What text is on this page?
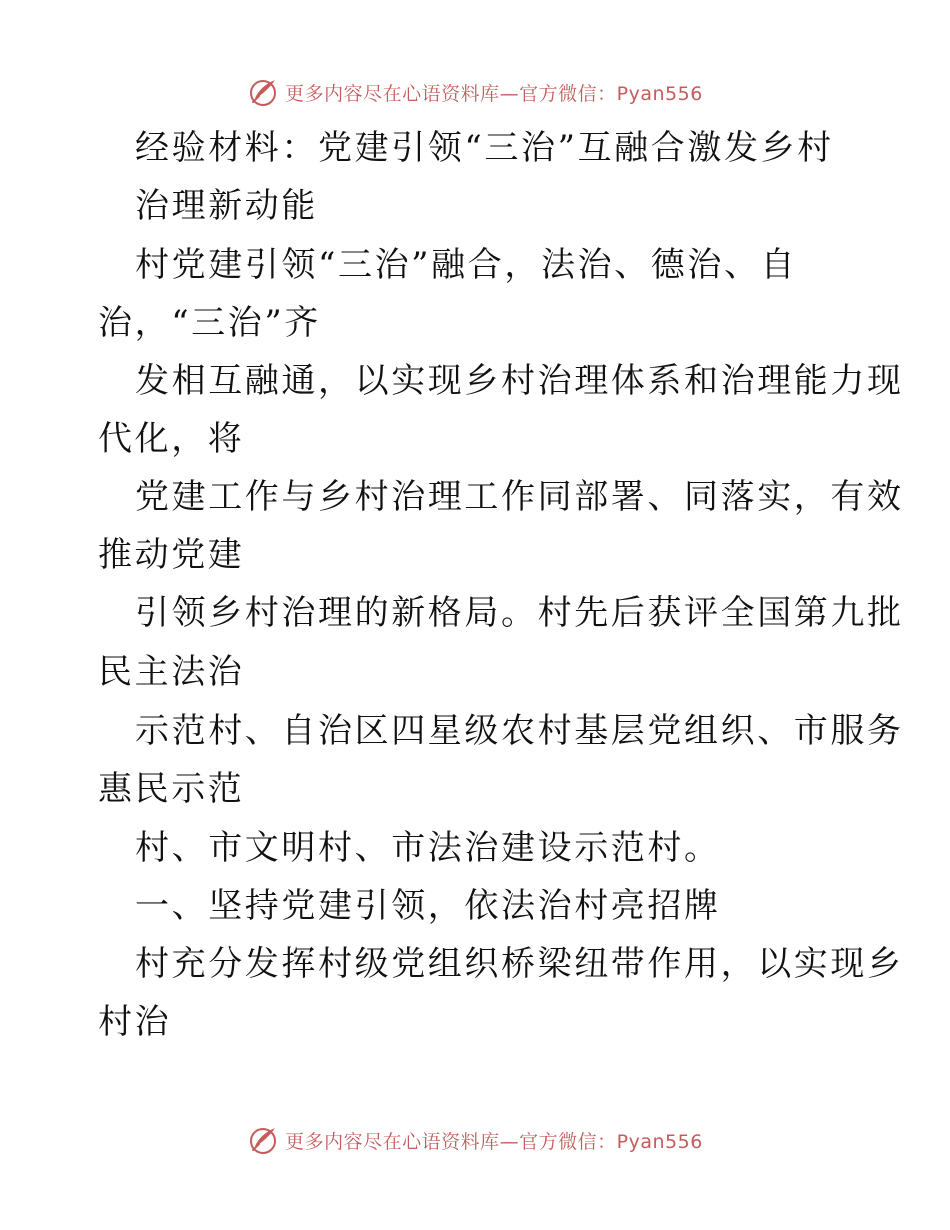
更多内容尽在心语资料库—官方微信：Pyan556
经验材料：党建引领“三治”互融合激发乡村
治理新动能
村党建引领“三治”融合，法治、德治、自
治，“三治”齐
发相互融通，以实现乡村治理体系和治理能力现
代化，将
党建工作与乡村治理工作同部署、同落实，有效
推动党建
引领乡村治理的新格局。村先后获评全国第九批
民主法治
示范村、自治区四星级农村基层党组织、市服务
惠民示范
村、市文明村、市法治建设示范村。
一、坚持党建引领，依法治村亮招牌
村充分发挥村级党组织桥梁纽带作用，以实现乡
村治
更多内容尽在心语资料库—官方微信：Pyan556
